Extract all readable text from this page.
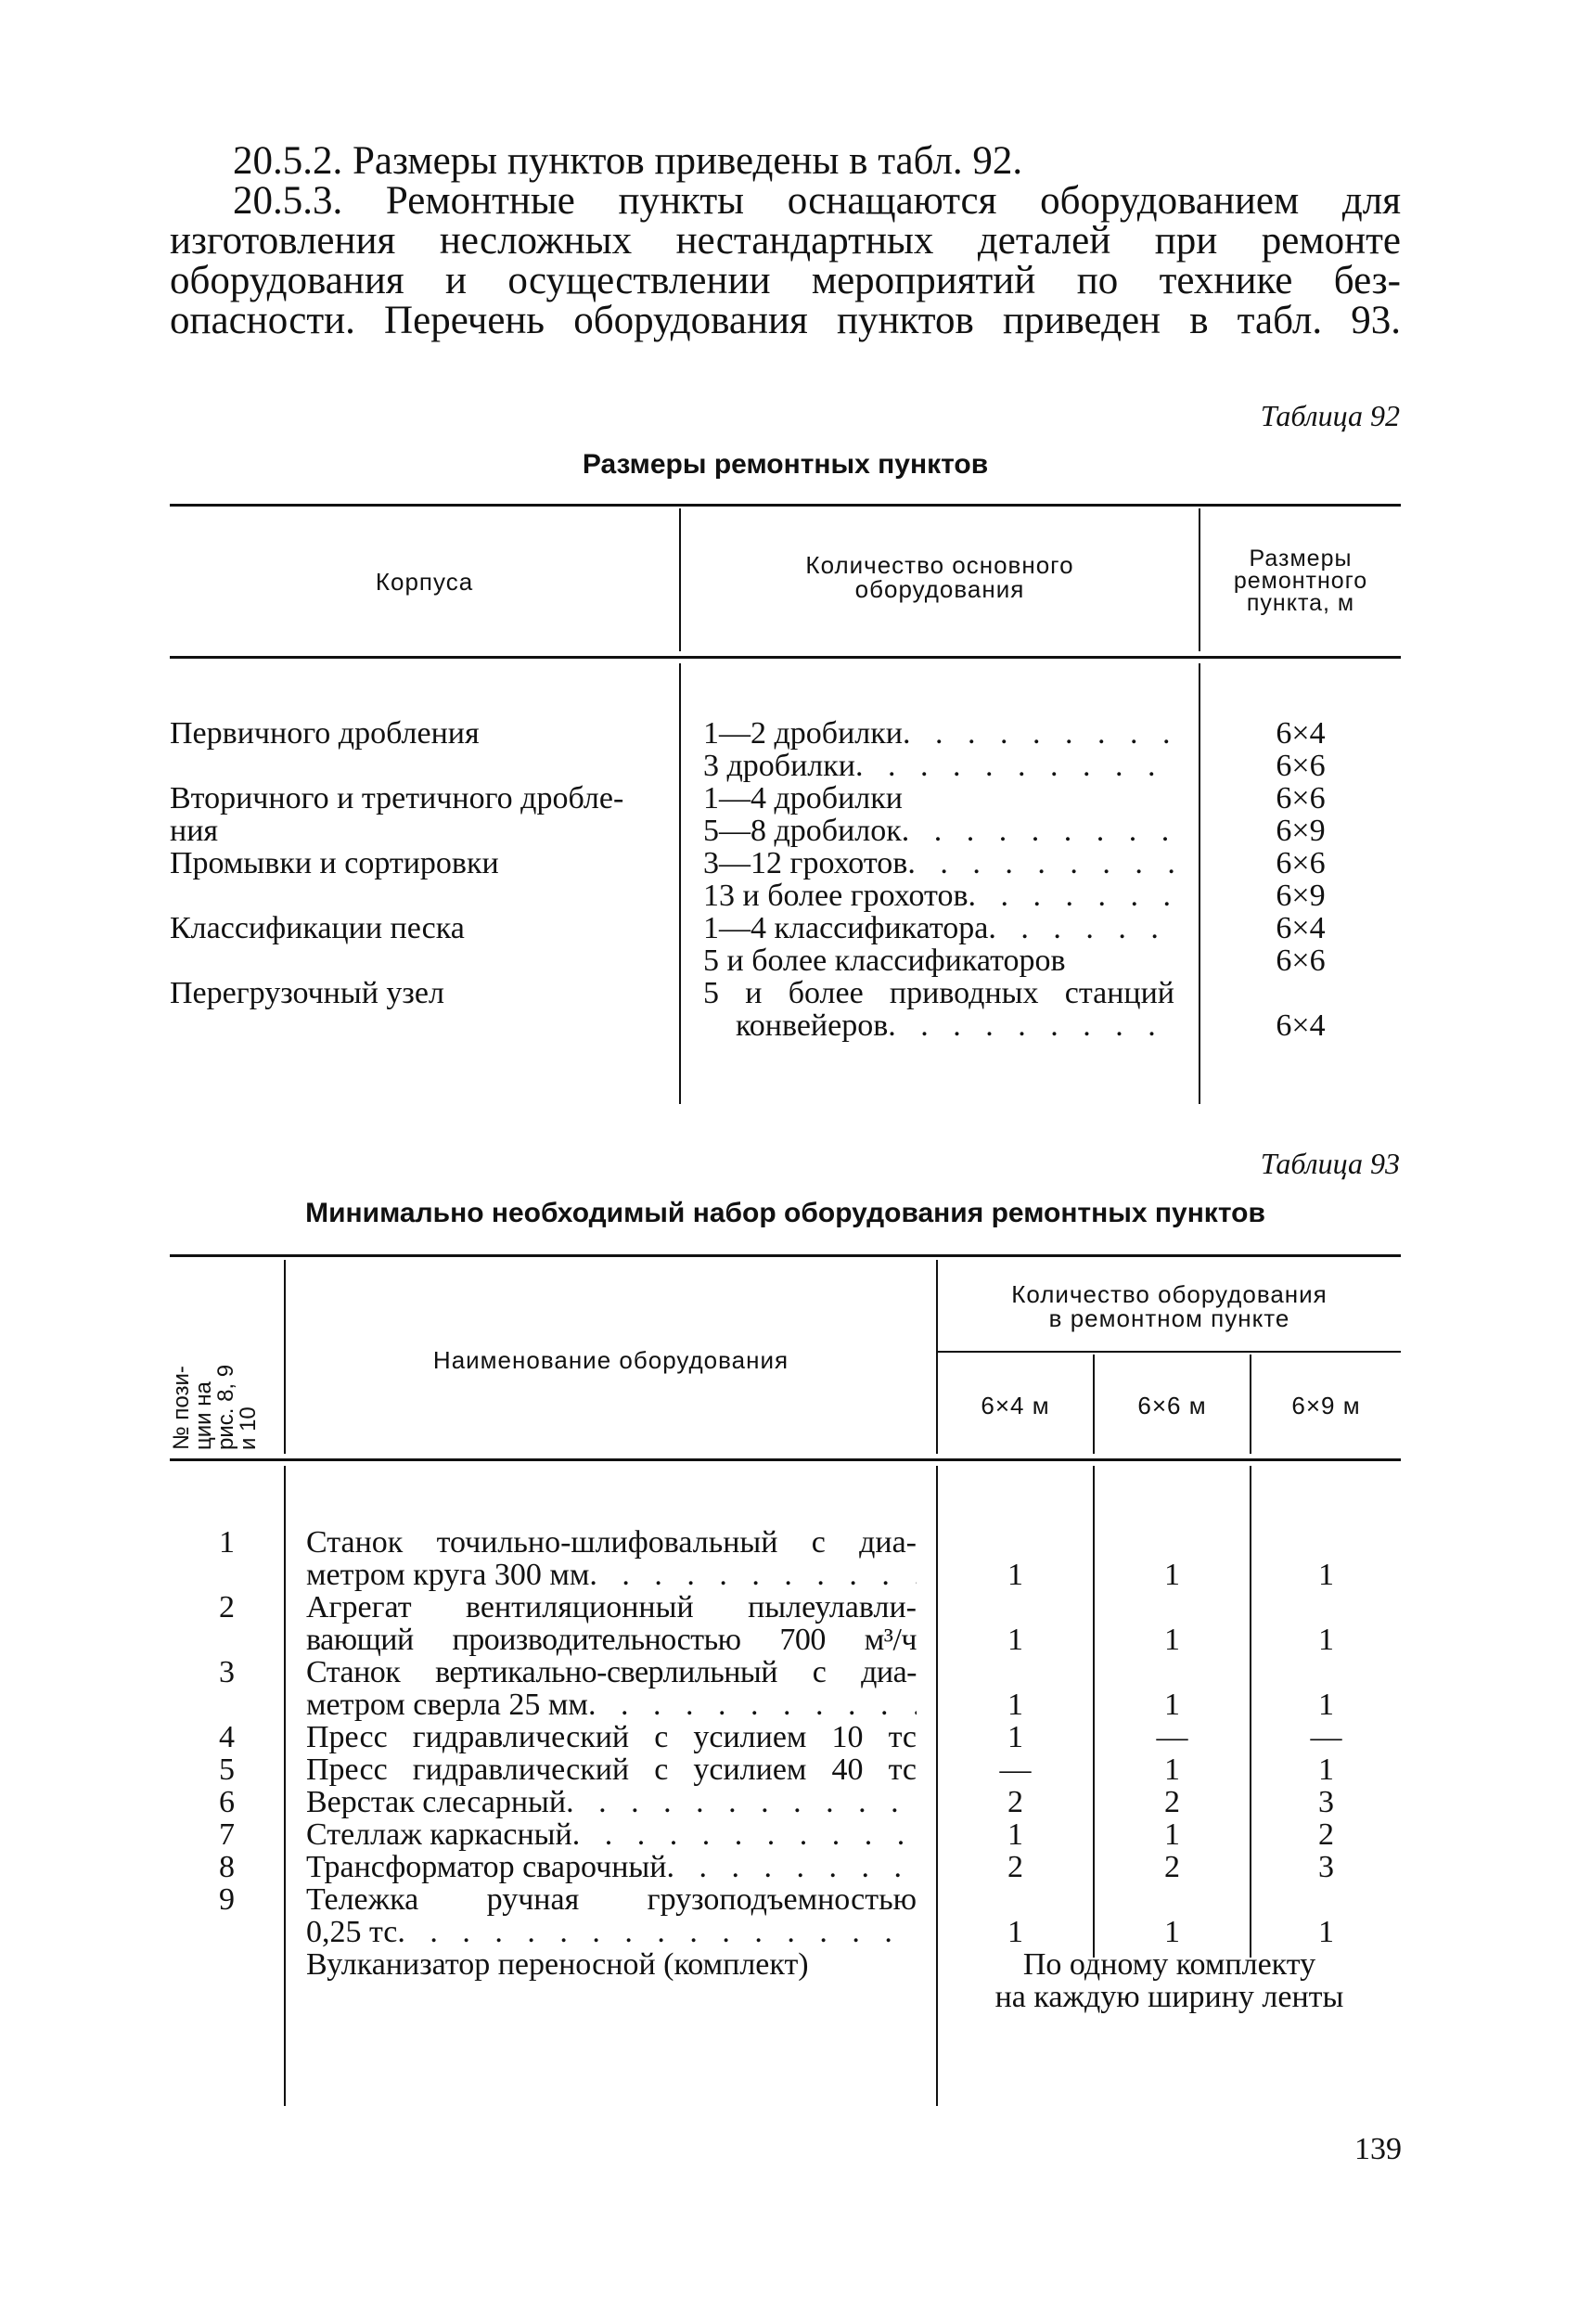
20.5.2. Размеры пунктов приведены в табл. 92.
20.5.3. Ремонтные пункты оснащаются оборудованием для
изготовления несложных нестандартных деталей при ремонте
оборудования и осуществлении мероприятий по технике без-
опасности. Перечень оборудования пунктов приведен в табл. 93.
Таблица 92
Размеры ремонтных пунктов
Корпуса
Количество основного
оборудования
Размеры
ремонтного
пункта, м
Первичного дробления
Вторичного и третичного дробле-
ния
Промывки и сортировки
Классификации песка
Перегрузочный узел
1—2 дробилки
. . .
3 дробилки
. . .
1—4 дробилки
5—8 дробилок
. . .
3—12 грохотов
. . .
13 и более грохотов
. . .
1—4 классификатора
. . .
5 и более классификаторов
5 и более приводных станций
конвейеров
. . .
6×4
6×6
6×6
6×9
6×6
6×9
6×4
6×6
6×4
Таблица 93
Минимально необходимый набор оборудования ремонтных пунктов
№ пози-
ции на
рис. 8, 9
и 10
Наименование оборудования
Количество оборудования
в ремонтном пункте
6×4 м	6×6 м	6×9 м
1
2
3
4
5
6
7
8
9
Станок точильно-шлифовальный с диа-
метром круга 300 мм
. . .
Агрегат вентиляционный пылеулавли-
вающий производительностью 700 м³/ч
Станок вертикально-сверлильный с диа-
метром сверла 25 мм
. . .
Пресс гидравлический с усилием 10 тс
Пресс гидравлический с усилием 40 тс
Верстак слесарный
. . .
Стеллаж каркасный
. . .
Трансформатор сварочный
. . .
Тележка ручная грузоподъемностью
0,25 тс
. . .
Вулканизатор переносной (комплект)
1
1
1
1
—
2
1
2
1
1
1
1
—
1
2
1
2
1
1
1
1
—
1
3
2
3
1
По одному комплекту
на каждую ширину ленты
139
